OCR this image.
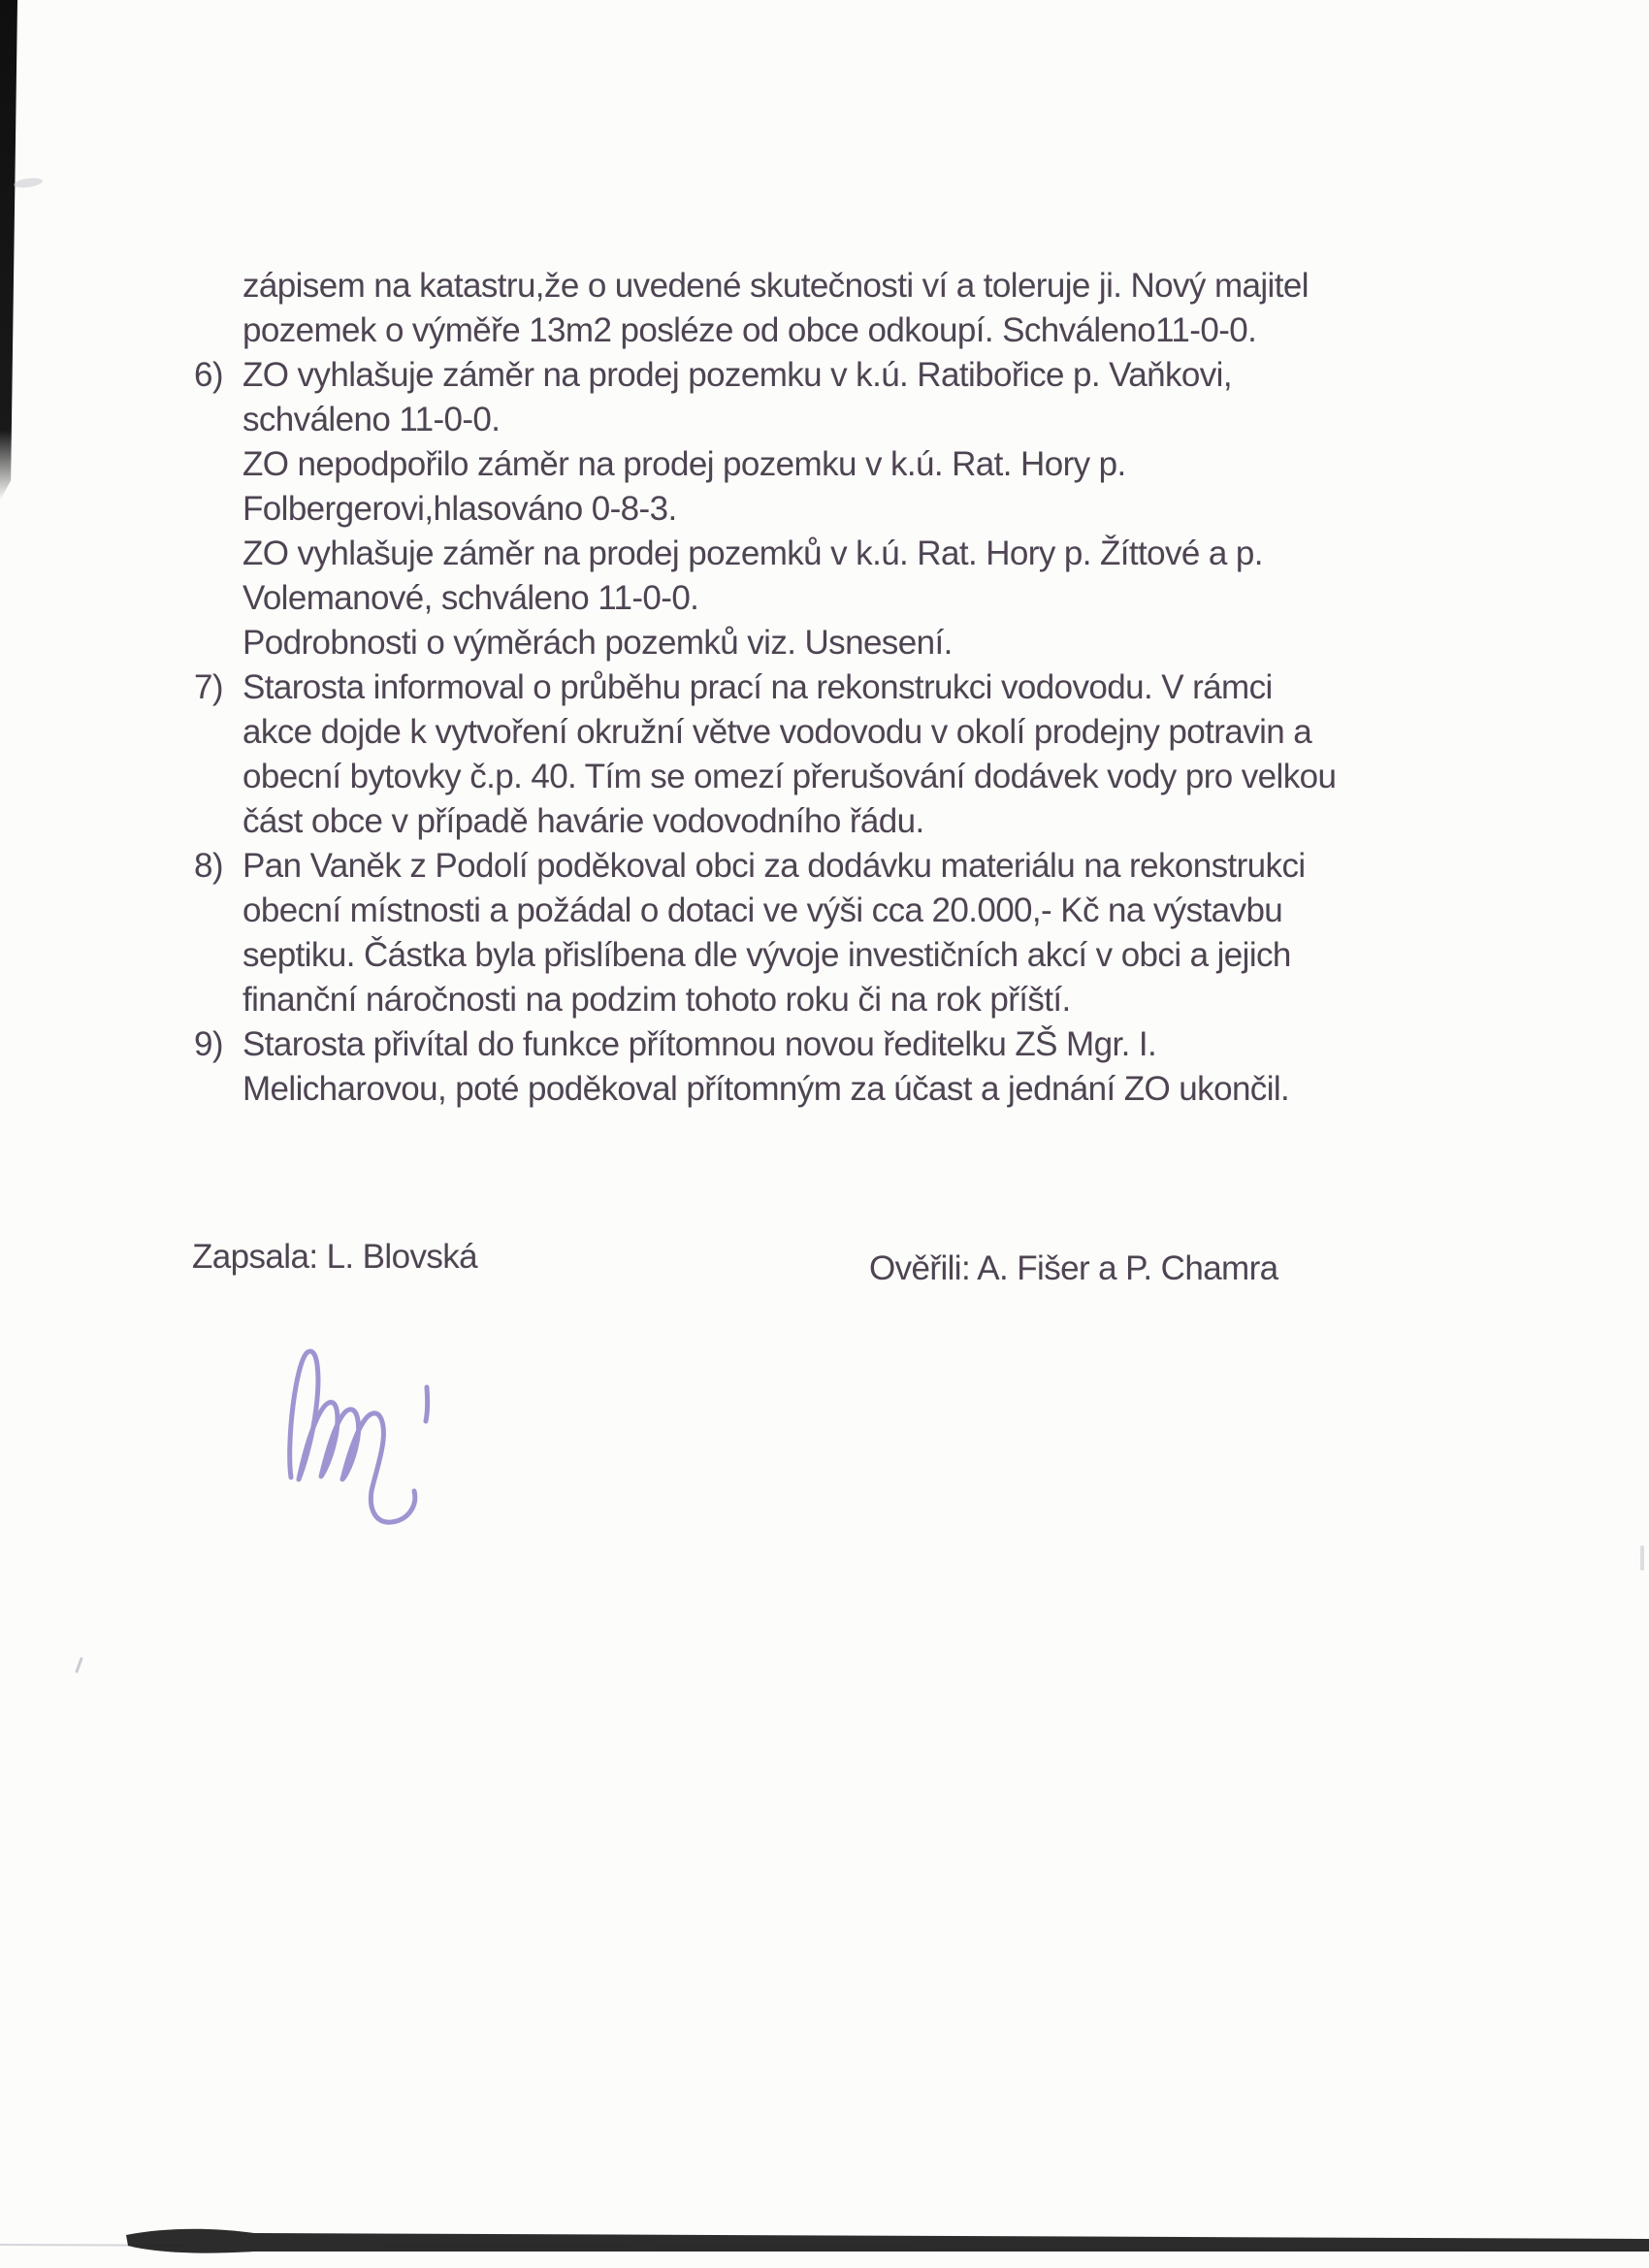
zápisem na katastru,že o uvedené skutečnosti ví a toleruje ji. Nový majitel
pozemek o výměře 13m2 posléze od obce odkoupí. Schváleno11-0-0.
6) ZO vyhlašuje záměr na prodej pozemku v k.ú. Ratibořice p. Vaňkovi,
schváleno 11-0-0.
ZO nepodpořilo záměr na prodej pozemku v k.ú. Rat. Hory p.
Folbergerovi,hlasováno 0-8-3.
ZO vyhlašuje záměr na prodej pozemků v k.ú. Rat. Hory p. Žíttové a p.
Volemanové, schváleno 11-0-0.
Podrobnosti o výměrách pozemků viz. Usnesení.
7) Starosta informoval o průběhu prací na rekonstrukci vodovodu. V rámci
akce dojde k vytvoření okružní větve vodovodu v okolí prodejny potravin a
obecní bytovky č.p. 40. Tím se omezí přerušování dodávek vody pro velkou
část obce v případě havárie vodovodního řádu.
8) Pan Vaněk z Podolí poděkoval obci za dodávku materiálu na rekonstrukci
obecní místnosti a požádal o dotaci ve výši cca 20.000,- Kč na výstavbu
septiku. Částka byla přislíbena dle vývoje investičních akcí v obci a jejich
finanční náročnosti na podzim tohoto roku či na rok příští.
9) Starosta přivítal do funkce přítomnou novou ředitelku ZŠ Mgr. I.
Melicharovou, poté poděkoval přítomným za účast a jednání ZO ukončil.
Zapsala: L. Blovská	Ověřili: A. Fišer a P. Chamra
